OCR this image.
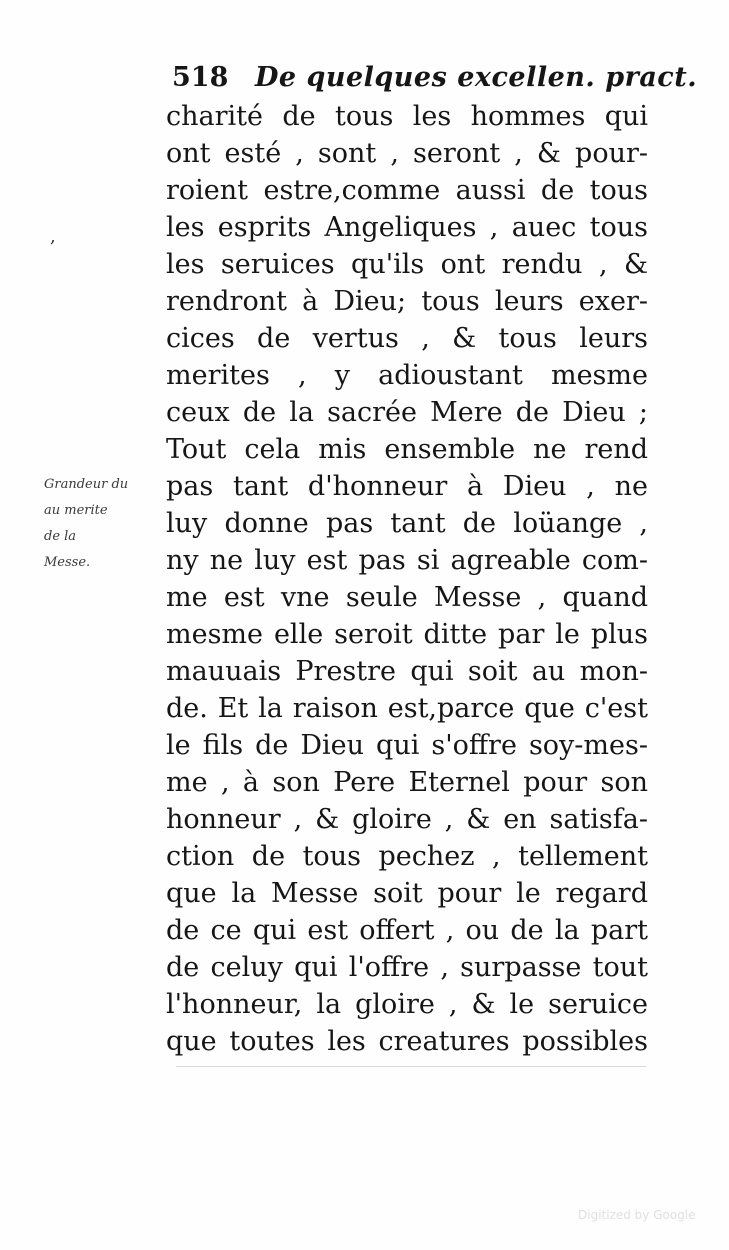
518 De quelques excellen. pract.
,
Grandeur du
au merite
de la
Messe.
charité de tous les hommes qui
ont esté , sont , seront , & pour-
roient estre,comme aussi de tous
les esprits Angeliques , auec tous
les seruices qu'ils ont rendu , &
rendront à Dieu; tous leurs exer-
cices de vertus , & tous leurs
merites , y adioustant mesme
ceux de la sacrée Mere de Dieu ;
Tout cela mis ensemble ne rend
pas tant d'honneur à Dieu , ne
luy donne pas tant de loüange ,
ny ne luy est pas si agreable com-
me est vne seule Messe , quand
mesme elle seroit ditte par le plus
mauuais Prestre qui soit au mon-
de. Et la raison est,parce que c'est
le fils de Dieu qui s'offre soy-mes-
me , à son Pere Eternel pour son
honneur , & gloire , & en satisfa-
ction de tous pechez , tellement
que la Messe soit pour le regard
de ce qui est offert , ou de la part
de celuy qui l'offre , surpasse tout
l'honneur, la gloire , & le seruice
que toutes les creatures possibles
Digitized by Google
